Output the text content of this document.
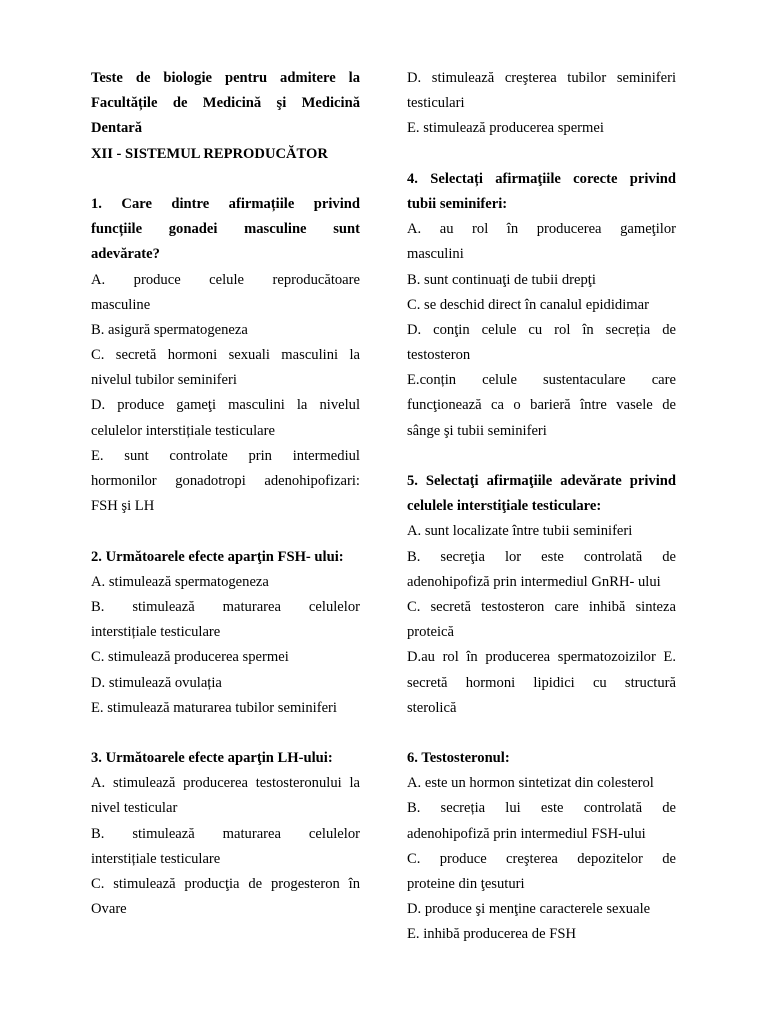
Teste de biologie pentru admitere la
Facultățile de Medicină şi Medicină
Dentară
XII - SISTEMUL REPRODUCĂTOR
1. Care dintre afirmațiile privind
funcțiile gonadei masculine sunt
adevărate?
A. produce celule reproducătoare
masculine
B. asigură spermatogeneza
C. secretă hormoni sexuali masculini la
nivelul tubilor seminiferi
D. produce gameţi masculini la nivelul
celulelor interstițiale testiculare
E. sunt controlate prin intermediul
hormonilor gonadotropi adenohipofizari:
FSH şi LH
2. Următoarele efecte aparţin FSH- ului:
A. stimulează spermatogeneza
B. stimulează maturarea celulelor
interstițiale testiculare
C. stimulează producerea spermei
D. stimulează ovulația
E. stimulează maturarea tubilor seminiferi
3. Următoarele efecte aparţin LH-ului:
A. stimulează producerea testosteronului la
nivel testicular
B. stimulează maturarea celulelor
interstițiale testiculare
C. stimulează producţia de progesteron în
Ovare
D. stimulează creşterea tubilor seminiferi
testiculari
E. stimulează producerea spermei
4. Selectați afirmaţiile corecte privind
tubii seminiferi:
A. au rol în producerea gameţilor
masculini
B. sunt continuaţi de tubii drepţi
C. se deschid direct în canalul epididimar
D. conţin celule cu rol în secreția de
testosteron
E.conțin celule sustentaculare care
funcţionează ca o barieră între vasele de
sânge şi tubii seminiferi
5. Selectaţi afirmaţiile adevărate privind
celulele interstiţiale testiculare:
A. sunt localizate între tubii seminiferi
B. secreţia lor este controlată de
adenohipofiză prin intermediul GnRH- ului
C. secretă testosteron care inhibă sinteza
proteică
D.au rol în producerea spermatozoizilor E.
secretă hormoni lipidici cu structură
sterolică
6. Testosteronul:
A. este un hormon sintetizat din colesterol
B. secreția lui este controlată de
adenohipofiză prin intermediul FSH-ului
C. produce creşterea depozitelor de
proteine din ţesuturi
D. produce şi menţine caracterele sexuale
E. inhibă producerea de FSH
